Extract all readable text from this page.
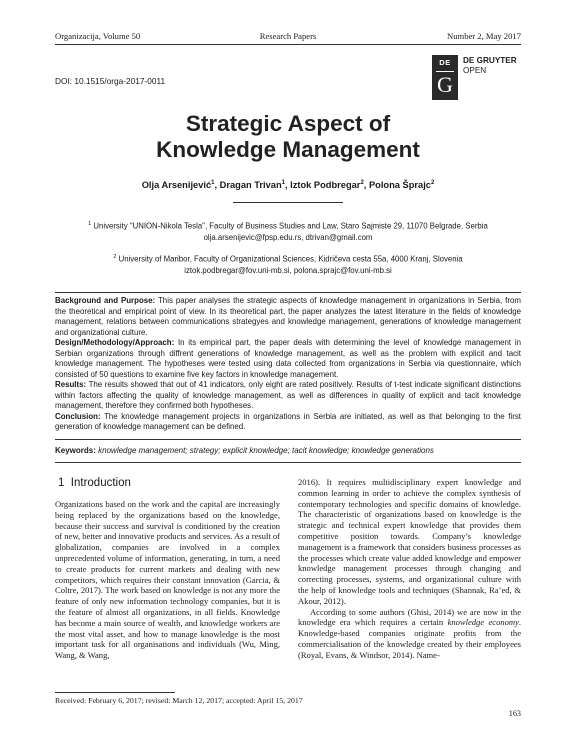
Organizacija, Volume 50	Research Papers	Number 2, May 2017
DE
G
DE GRUYTER
OPEN
DOI: 10.1515/orga-2017-0011
Strategic Aspect of
Knowledge Management
Olja Arsenijević$^1$, Dragan Trivan$^1$, Iztok Podbregar$^2$, Polona Šprajc$^2$
$^1$ University "UNION-Nikola Tesla", Faculty of Business Studies and Law, Staro Sajmiste 29, 11070 Belgrade, Serbia
olja.arsenijevic@fpsp.edu.rs, dtrivan@gmail.com
$^2$ University of Maribor, Faculty of Organizational Sciences, Kidričeva cesta 55a, 4000 Kranj, Slovenia
iztok.podbregar@fov.uni-mb.si, polona.sprajc@fov.uni-mb.si

Background and Purpose: This paper analyses the strategic aspects of knowledge management in organizations in Serbia, from the theoretical and empirical point of view. In its theoretical part, the paper analyzes the latest literature in the fields of knowledge management, relations between communications strategyes and knowledge management, generations of knowledge management and organizational culture.

Design/Methodology/Approach: In its empirical part, the paper deals with determining the level of knowledge management in Serbian organizations through diffrent generations of knowledge management, as well as the problem with explicit and tacit knowledge management. The hypotheses were tested using data collected from organizations in Serbia via questionnaire, which consisted of 50 questions to examine five key factors in knowledge management.

Results: The results showed that out of 41 indicators, only eight are rated positively. Results of t-test indicate significant distinctions within factors affecting the quality of knowledge management, as well as differences in quality of explicit and tacit knowledge management, therefore they confirmed both hypotheses.

Conclusion: The knowledge management projects in organizations in Serbia are initiated, as well as that belonging to the first generation of knowledge management can be defined.

Keywords: knowledge management; strategy; explicit knowledge; tacit knowledge; knowledge generations
1 Introduction

Organizations based on the work and the capital are increasingly being replaced by the organizations based on the knowledge, because their success and survival is conditioned by the creation of new, better and innovative products and services. As a result of globalization, companies are involved in a complex unprecedented volume of information, generating, in turn, a need to create products for current markets and dealing with new competitors, which requires their constant innovation (Garcia, & Coltre, 2017). The work based on knowledge is not any more the feature of only new information technology companies, but it is the feature of almost all organizations, in all fields. Knowledge has become a main source of wealth, and knowledge workers are the most vital asset, and how to manage knowledge is the most important task for all organisations and individuals (Wu, Ming, Wang, & Wang,

2016). It requires multidisciplinary expert knowledge and common learning in order to achieve the complex synthesis of contemporary technologies and specific domains of knowledge. The characteristic of organizations based on knowledge is the strategic and technical expert knowledge that provides them competitive position towards. Company’s knowledge management is a framework that considers business processes as the processes which create value added knowledge and empower knowledge management processes through changing and correcting processes, systems, and organizational culture with the help of knowledge tools and techniques (Shannak, Ra’ed, & Akour, 2012).

According to some authors (Ghisi, 2014) we are now in the knowledge era which requires a certain knowledge economy. Knowledge-based companies originate profits from the commercialisation of the knowledge created by their employees (Royal, Evans, & Windsor, 2014). Name-

Received: February 6, 2017; revised: March 12, 2017; accepted: April 15, 2017
163
